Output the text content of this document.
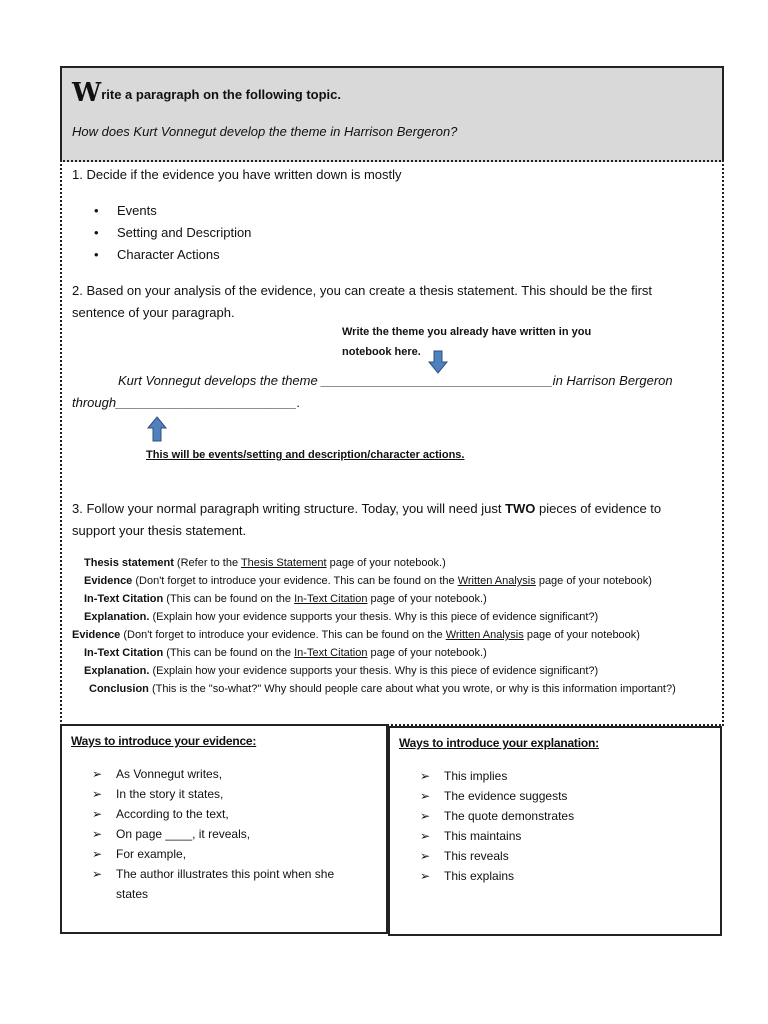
Write a paragraph on the following topic.
How does Kurt Vonnegut develop the theme in Harrison Bergeron?
1. Decide if the evidence you have written down is mostly
• Events
• Setting and Description
• Character Actions
2. Based on your analysis of the evidence, you can create a thesis statement. This should be the first
sentence of your paragraph.
Write the theme you already have written in you
notebook here.
Kurt Vonnegut develops the theme ________________________________in Harrison Bergeron
through_________________________.
This will be events/setting and description/character actions.
3. Follow your normal paragraph writing structure. Today, you will need just TWO pieces of evidence to
support your thesis statement.
Thesis statement (Refer to the Thesis Statement page of your notebook.)
Evidence (Don't forget to introduce your evidence. This can be found on the Written Analysis page of your notebook)
In-Text Citation (This can be found on the In-Text Citation page of your notebook.)
Explanation. (Explain how your evidence supports your thesis. Why is this piece of evidence significant?)
Evidence (Don't forget to introduce your evidence. This can be found on the Written Analysis page of your notebook)
In-Text Citation (This can be found on the In-Text Citation page of your notebook.)
Explanation. (Explain how your evidence supports your thesis. Why is this piece of evidence significant?)
Conclusion (This is the "so-what?" Why should people care about what you wrote, or why is this information important?)
Ways to introduce your evidence:
➢ As Vonnegut writes,
➢ In the story it states,
➢ According to the text,
➢ On page ____, it reveals,
➢ For example,
➢ The author illustrates this point when she
states
Ways to introduce your explanation:
➢ This implies
➢ The evidence suggests
➢ The quote demonstrates
➢ This maintains
➢ This reveals
➢ This explains
